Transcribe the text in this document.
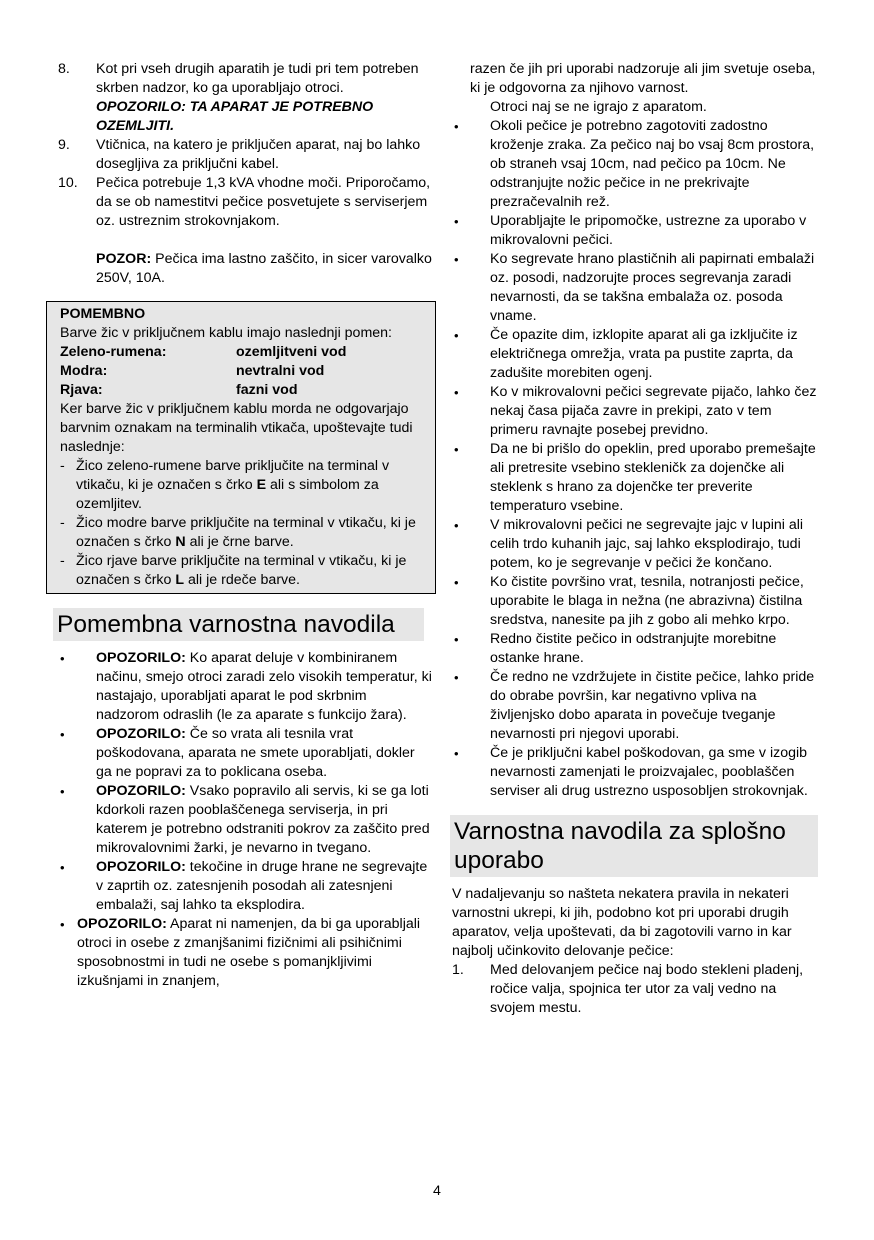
8. Kot pri vseh drugih aparatih je tudi pri tem potreben skrben nadzor, ko ga uporabljajo otroci.
OPOZORILO: TA APARAT JE POTREBNO OZEMLJITI.
9. Vtičnica, na katero je priključen aparat, naj bo lahko dosegljiva za priključni kabel.
10. Pečica potrebuje 1,3 kVA vhodne moči. Priporočamo, da se ob namestitvi pečice posvetujete s serviserjem oz. ustreznim strokovnjakom.
POZOR: Pečica ima lastno zaščito, in sicer varovalko 250V, 10A.
POMEMBNO
Barve žic v priključnem kablu imajo naslednji pomen:
Zeleno-rumena:	ozemljitveni vod
Modra:	nevtralni vod
Rjava:	fazni vod
Ker barve žic v priključnem kablu morda ne odgovarjajo barvnim oznakam na terminalih vtikača, upoštevajte tudi naslednje:
- Žico zeleno-rumene barve priključite na terminal v vtikaču, ki je označen s črko E ali s simbolom za ozemljitev.
- Žico modre barve priključite na terminal v vtikaču, ki je označen s črko N ali je črne barve.
- Žico rjave barve priključite na terminal v vtikaču, ki je označen s črko L ali je rdeče barve.
Pomembna varnostna navodila
• OPOZORILO: Ko aparat deluje v kombiniranem načinu, smejo otroci zaradi zelo visokih temperatur, ki nastajajo, uporabljati aparat le pod skrbnim nadzorom odraslih (le za aparate s funkcijo žara).
• OPOZORILO: Če so vrata ali tesnila vrat poškodovana, aparata ne smete uporabljati, dokler ga ne popravi za to poklicana oseba.
• OPOZORILO: Vsako popravilo ali servis, ki se ga loti kdorkoli razen pooblaščenega serviserja, in pri katerem je potrebno odstraniti pokrov za zaščito pred mikrovalovnimi žarki, je nevarno in tvegano.
• OPOZORILO: tekočine in druge hrane ne segrevajte v zaprtih oz. zatesnjenih posodah ali zatesnjeni embalaži, saj lahko ta eksplodira.
• OPOZORILO: Aparat ni namenjen, da bi ga uporabljali otroci in osebe z zmanjšanimi fizičnimi ali psihičnimi sposobnostmi in tudi ne osebe s pomanjkljivimi izkušnjami in znanjem,
razen če jih pri uporabi nadzoruje ali jim svetuje oseba, ki je odgovorna za njihovo varnost.
Otroci naj se ne igrajo z aparatom.
• Okoli pečice je potrebno zagotoviti zadostno kroženje zraka. Za pečico naj bo vsaj 8cm prostora, ob straneh vsaj 10cm, nad pečico pa 10cm. Ne odstranjujte nožic pečice in ne prekrivajte prezračevalnih rež.
• Uporabljajte le pripomočke, ustrezne za uporabo v mikrovalovni pečici.
• Ko segrevate hrano plastičnih ali papirnati embalaži oz. posodi, nadzorujte proces segrevanja zaradi nevarnosti, da se takšna embalaža oz. posoda vname.
• Če opazite dim, izklopite aparat ali ga izključite iz električnega omrežja, vrata pa pustite zaprta, da zadušite morebiten ogenj.
• Ko v mikrovalovni pečici segrevate pijačo, lahko čez nekaj časa pijača zavre in prekipi, zato v tem primeru ravnajte posebej previdno.
• Da ne bi prišlo do opeklin, pred uporabo premešajte ali pretresite vsebino stekleničk za dojenčke ali steklenk s hrano za dojenčke ter preverite temperaturo vsebine.
• V mikrovalovni pečici ne segrevajte jajc v lupini ali celih trdo kuhanih jajc, saj lahko eksplodirajo, tudi potem, ko je segrevanje v pečici že končano.
• Ko čistite površino vrat, tesnila, notranjosti pečice, uporabite le blaga in nežna (ne abrazivna) čistilna sredstva, nanesite pa jih z gobo ali mehko krpo.
• Redno čistite pečico in odstranjujte morebitne ostanke hrane.
• Če redno ne vzdržujete in čistite pečice, lahko pride do obrabe površin, kar negativno vpliva na življenjsko dobo aparata in povečuje tveganje nevarnosti pri njegovi uporabi.
• Če je priključni kabel poškodovan, ga sme v izogib nevarnosti zamenjati le proizvajalec, pooblaščen serviser ali drug ustrezno usposobljen strokovnjak.
Varnostna navodila za splošno uporabo
V nadaljevanju so našteta nekatera pravila in nekateri varnostni ukrepi, ki jih, podobno kot pri uporabi drugih aparatov, velja upoštevati, da bi zagotovili varno in kar najbolj učinkovito delovanje pečice:
1. Med delovanjem pečice naj bodo stekleni pladenj, ročice valja, spojnica ter utor za valj vedno na svojem mestu.
4
